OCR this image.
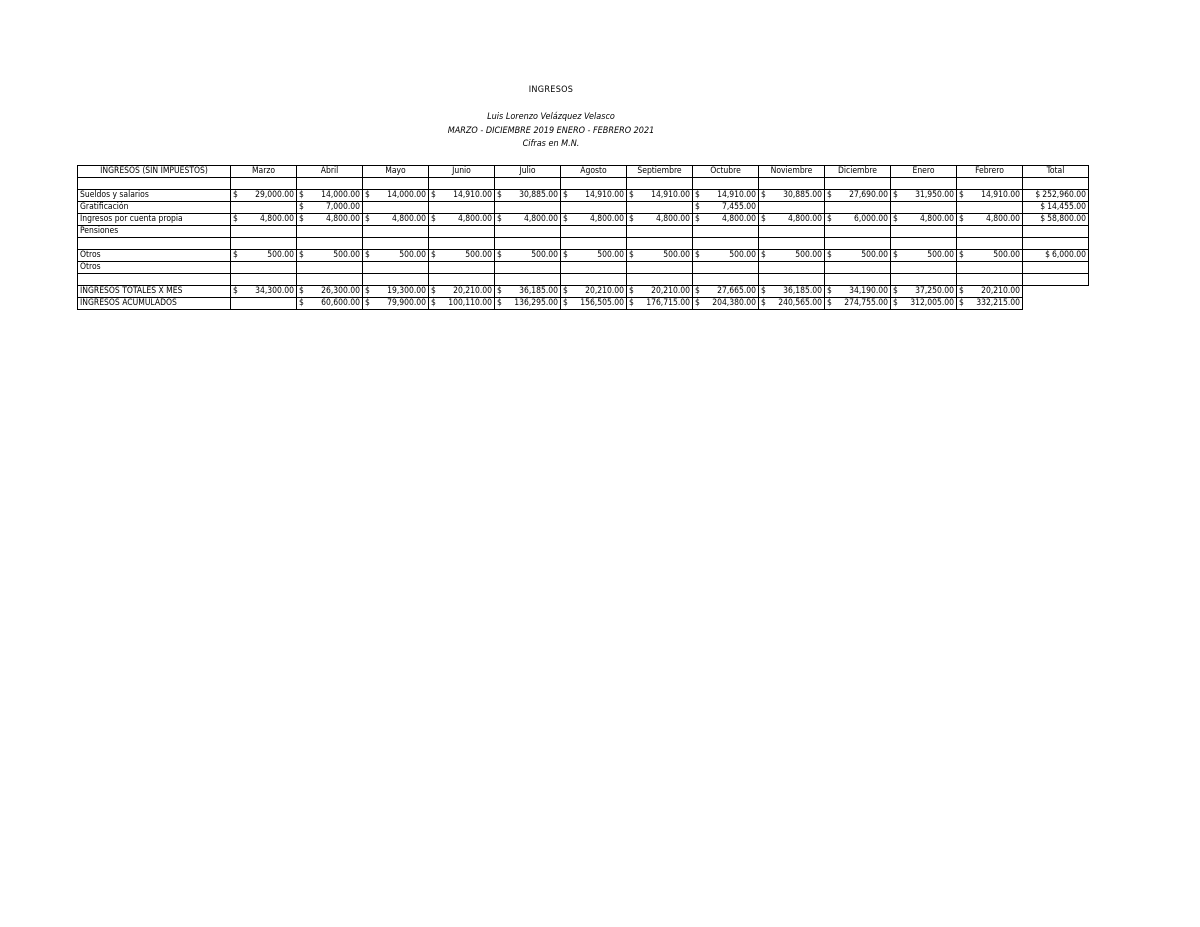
INGRESOS
Luis Lorenzo Velázquez Velasco
MARZO - DICIEMBRE 2019 ENERO - FEBRERO 2021
Cifras en M.N.
INGRESOS (SIN IMPUESTOS)	Marzo	Abril	Mayo	Junio	Julio	Agosto	Septiembre	Octubre	Noviembre	Diciembre	Enero	Febrero	Total

Sueldos y salarios	$ 29,000.00	$ 14,000.00	$ 14,000.00	$ 14,910.00	$ 30,885.00	$ 14,910.00	$ 14,910.00	$ 14,910.00	$ 30,885.00	$ 27,690.00	$ 31,950.00	$ 14,910.00	$ 252,960.00

Gratificación		$ 7,000.00						$ 7,455.00					$ 14,455.00

Ingresos por cuenta propia	$ 4,800.00	$ 4,800.00	$ 4,800.00	$ 4,800.00	$ 4,800.00	$ 4,800.00	$ 4,800.00	$ 4,800.00	$ 4,800.00	$ 6,000.00	$ 4,800.00	$ 4,800.00	$ 58,800.00

Pensiones													

Otros	$ 500.00	$ 500.00	$ 500.00	$ 500.00	$ 500.00	$ 500.00	$ 500.00	$ 500.00	$ 500.00	$ 500.00	$ 500.00	$ 500.00	$ 6,000.00

Otros													

INGRESOS TOTALES X MES	$ 34,300.00	$ 26,300.00	$ 19,300.00	$ 20,210.00	$ 36,185.00	$ 20,210.00	$ 20,210.00	$ 27,665.00	$ 36,185.00	$ 34,190.00	$ 37,250.00	$ 20,210.00	

INGRESOS ACUMULADOS		$ 60,600.00	$ 79,900.00	$ 100,110.00	$ 136,295.00	$ 156,505.00	$ 176,715.00	$ 204,380.00	$ 240,565.00	$ 274,755.00	$ 312,005.00	$ 332,215.00	
